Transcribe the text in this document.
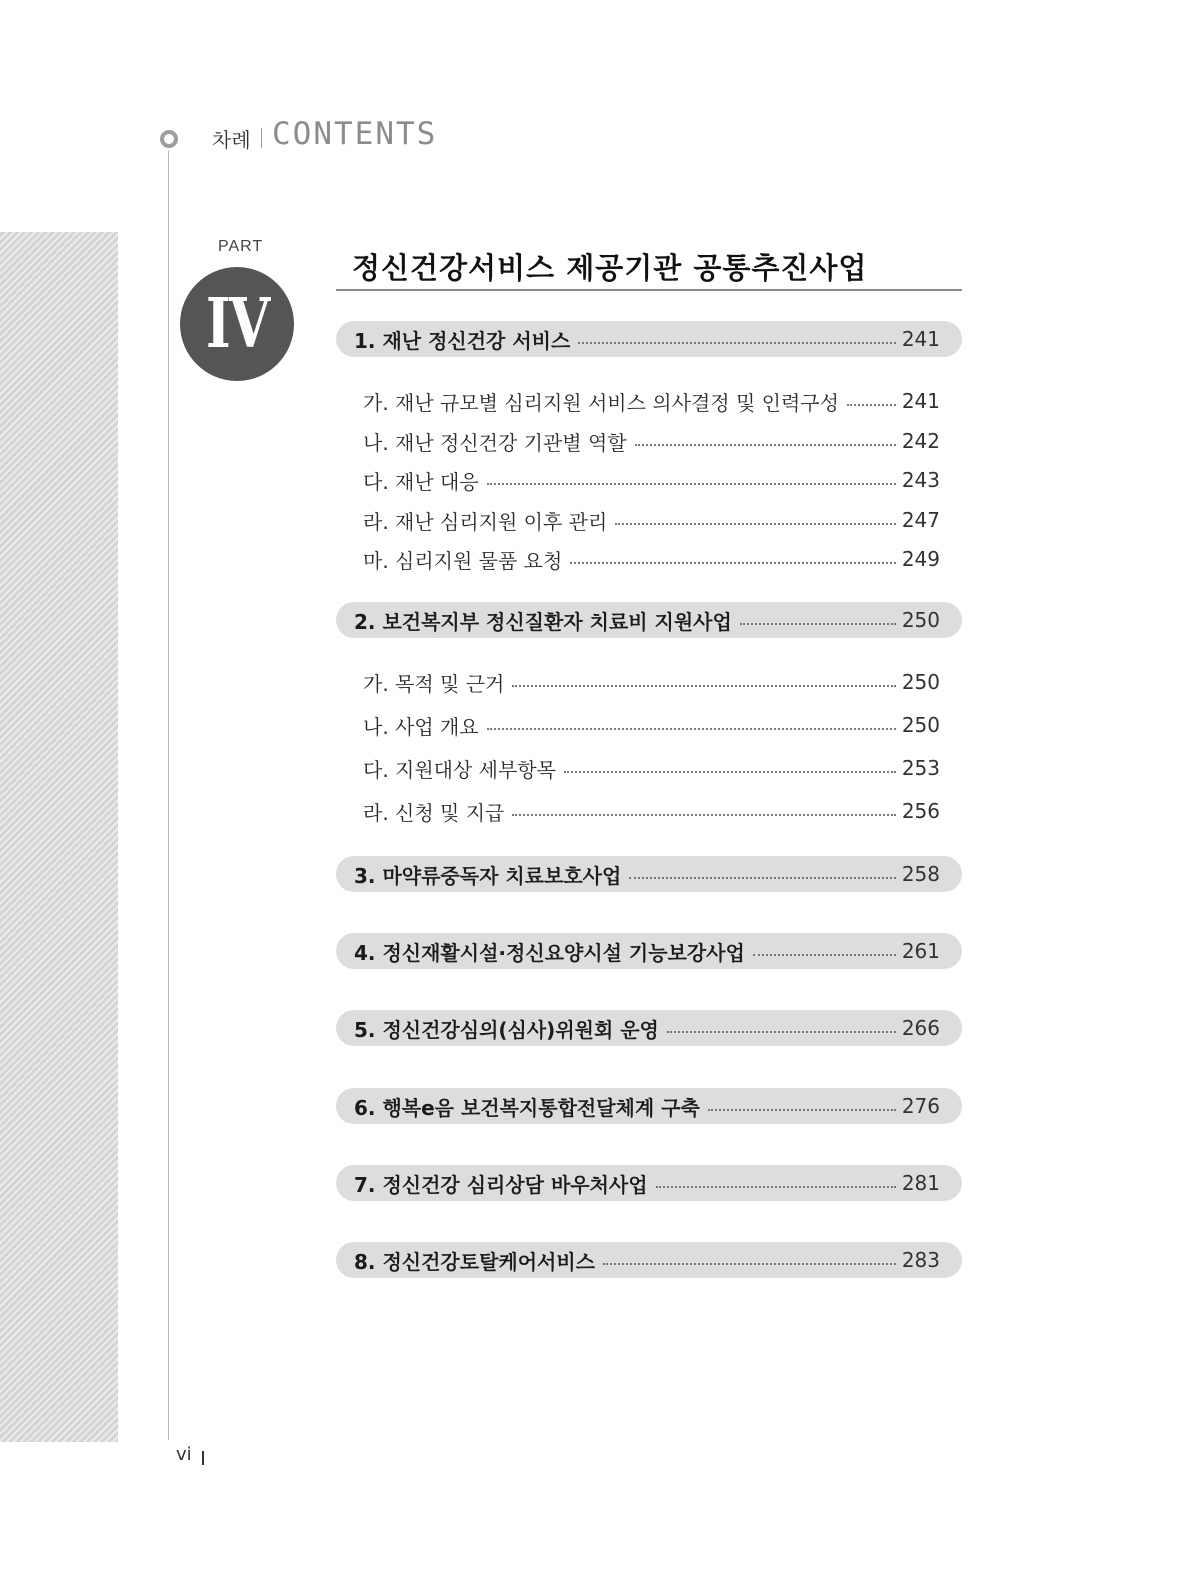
차례 CONTENTS
PART
IV
정신건강서비스 제공기관 공통추진사업
1. 재난 정신건강 서비스	241
가. 재난 규모별 심리지원 서비스 의사결정 및 인력구성	241
나. 재난 정신건강 기관별 역할	242
다. 재난 대응	243
라. 재난 심리지원 이후 관리	247
마. 심리지원 물품 요청	249
2. 보건복지부 정신질환자 치료비 지원사업	250
가. 목적 및 근거	250
나. 사업 개요	250
다. 지원대상 세부항목	253
라. 신청 및 지급	256
3. 마약류중독자 치료보호사업	258
4. 정신재활시설·정신요양시설 기능보강사업	261
5. 정신건강심의(심사)위원회 운영	266
6. 행복e음 보건복지통합전달체계 구축	276
7. 정신건강 심리상담 바우처사업	281
8. 정신건강토탈케어서비스	283
vi
